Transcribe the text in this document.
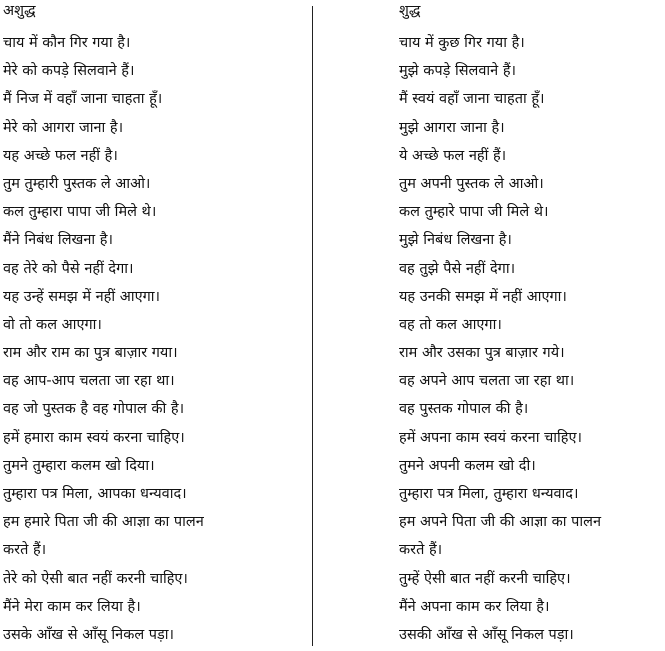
अशुद्ध
चाय में कौन गिर गया है।
मेरे को कपड़े सिलवाने हैं।
मैं निज में वहाँ जाना चाहता हूँ।
मेरे को आगरा जाना है।
यह अच्छे फल नहीं है।
तुम तुम्हारी पुस्तक ले आओ।
कल तुम्हारा पापा जी मिले थे।
मैंने निबंध लिखना है।
वह तेरे को पैसे नहीं देगा।
यह उन्हें समझ में नहीं आएगा।
वो तो कल आएगा।
राम और राम का पुत्र बाज़ार गया।
वह आप-आप चलता जा रहा था।
वह जो पुस्तक है वह गोपाल की है।
हमें हमारा काम स्वयं करना चाहिए।
तुमने तुम्हारा कलम खो दिया।
तुम्हारा पत्र मिला, आपका धन्यवाद।
हम हमारे पिता जी की आज्ञा का पालन
करते हैं।
तेरे को ऐसी बात नहीं करनी चाहिए।
मैंने मेरा काम कर लिया है।
उसके आँख से आँसू निकल पड़ा।
शुद्ध
चाय में कुछ गिर गया है।
मुझे कपड़े सिलवाने हैं।
मैं स्वयं वहाँ जाना चाहता हूँ।
मुझे आगरा जाना है।
ये अच्छे फल नहीं हैं।
तुम अपनी पुस्तक ले आओ।
कल तुम्हारे पापा जी मिले थे।
मुझे निबंध लिखना है।
वह तुझे पैसे नहीं देगा।
यह उनकी समझ में नहीं आएगा।
वह तो कल आएगा।
राम और उसका पुत्र बाज़ार गये।
वह अपने आप चलता जा रहा था।
वह पुस्तक गोपाल की है।
हमें अपना काम स्वयं करना चाहिए।
तुमने अपनी कलम खो दी।
तुम्हारा पत्र मिला, तुम्हारा धन्यवाद।
हम अपने पिता जी की आज्ञा का पालन
करते हैं।
तुम्हें ऐसी बात नहीं करनी चाहिए।
मैंने अपना काम कर लिया है।
उसकी आँख से आँसू निकल पड़ा।
